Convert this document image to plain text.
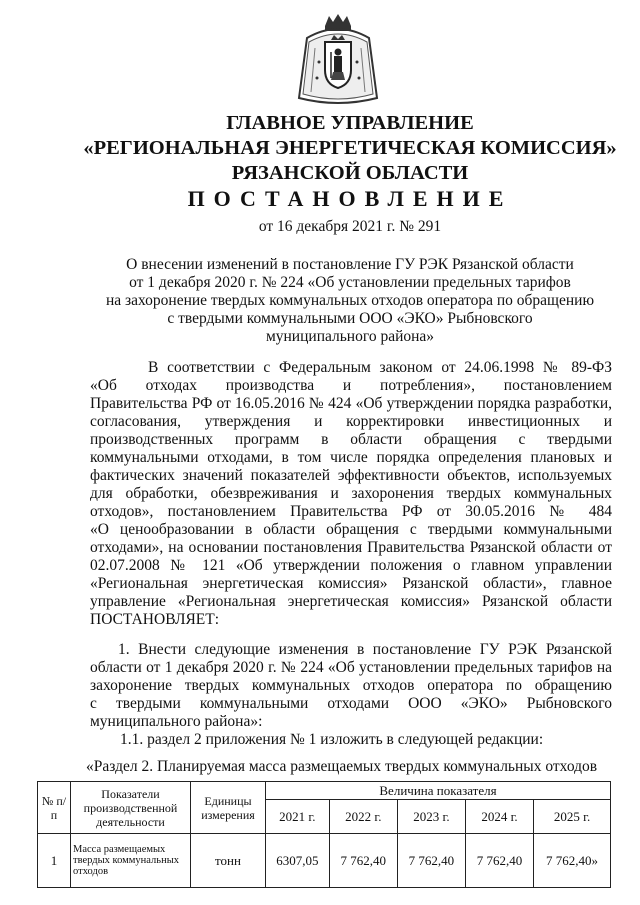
ГЛАВНОЕ УПРАВЛЕНИЕ
«РЕГИОНАЛЬНАЯ ЭНЕРГЕТИЧЕСКАЯ КОМИССИЯ»
РЯЗАНСКОЙ ОБЛАСТИ
ПОСТАНОВЛЕНИЕ
от 16 декабря 2021 г. № 291
О внесении изменений в постановление ГУ РЭК Рязанской области
от 1 декабря 2020 г. № 224 «Об установлении предельных тарифов
на захоронение твердых коммунальных отходов оператора по обращению
с твердыми коммунальными ООО «ЭКО» Рыбновского
муниципального района»
В соответствии с Федеральным законом от 24.06.1998 № 89-ФЗ
«Об отходах производства и потребления», постановлением
Правительства РФ от 16.05.2016 № 424 «Об утверждении порядка разработки,
согласования, утверждения и корректировки инвестиционных и
производственных программ в области обращения с твердыми
коммунальными отходами, в том числе порядка определения плановых и
фактических значений показателей эффективности объектов, используемых
для обработки, обезвреживания и захоронения твердых коммунальных
отходов», постановлением Правительства РФ от 30.05.2016 № 484
«О ценообразовании в области обращения с твердыми коммунальными
отходами», на основании постановления Правительства Рязанской области от
02.07.2008 № 121 «Об утверждении положения о главном управлении
«Региональная энергетическая комиссия» Рязанской области», главное
управление «Региональная энергетическая комиссия» Рязанской области
ПОСТАНОВЛЯЕТ:
1. Внести следующие изменения в постановление ГУ РЭК Рязанской
области от 1 декабря 2020 г. № 224 «Об установлении предельных тарифов на
захоронение твердых коммунальных отходов оператора по обращению
с твердыми коммунальными отходами ООО «ЭКО» Рыбновского
муниципального района»:
1.1. раздел 2 приложения № 1 изложить в следующей редакции:
«Раздел 2. Планируемая масса размещаемых твердых коммунальных отходов
№ п/п	Показатели производственной деятельности	Единицы измерения	Величина показателя				
			2021 г.	2022 г.	2023 г.	2024 г.	2025 г.
1	Масса размещаемых твердых коммунальных отходов	тонн	6307,05	7 762,40	7 762,40	7 762,40	7 762,40»
